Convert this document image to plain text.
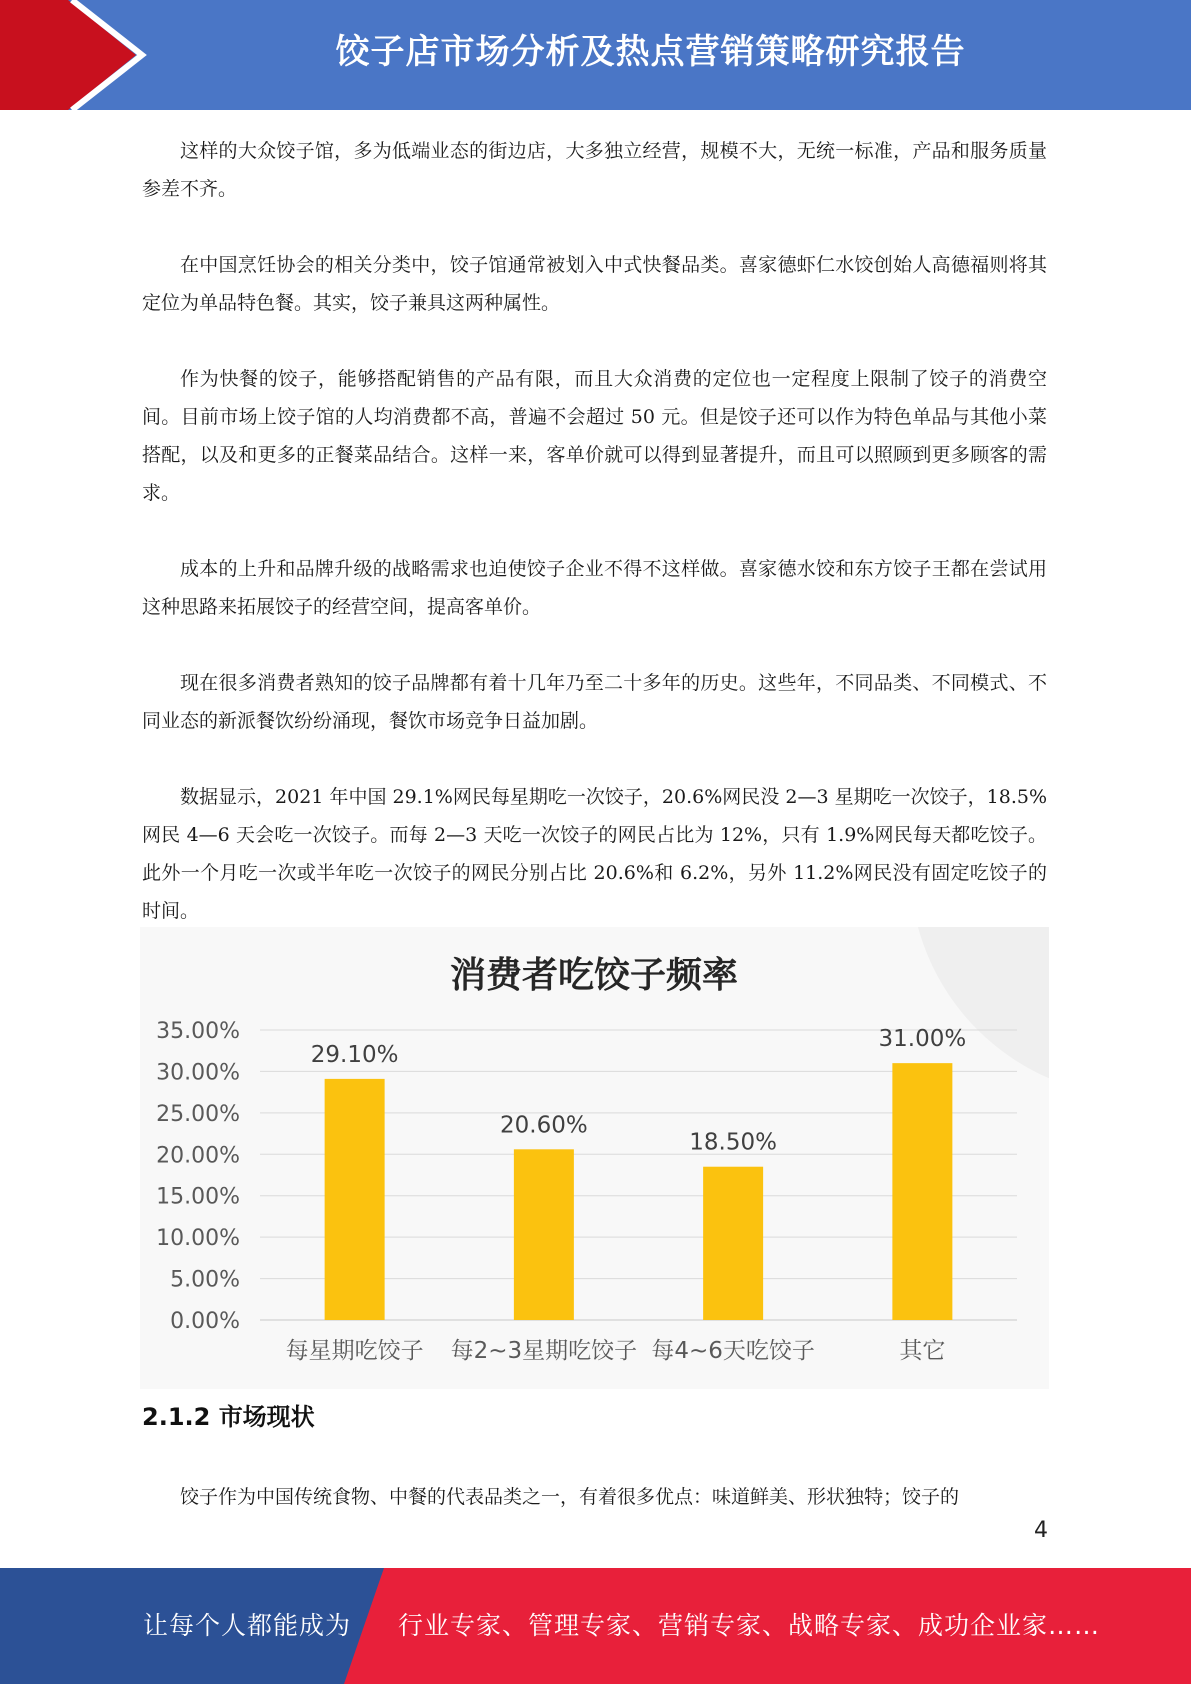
饺子店市场分析及热点营销策略研究报告

这样的大众饺子馆，多为低端业态的街边店，大多独立经营，规模不大，无统一标准，产品和服务质量参差不齐。

在中国烹饪协会的相关分类中，饺子馆通常被划入中式快餐品类。喜家德虾仁水饺创始人高德福则将其定位为单品特色餐。其实，饺子兼具这两种属性。

作为快餐的饺子，能够搭配销售的产品有限，而且大众消费的定位也一定程度上限制了饺子的消费空间。目前市场上饺子馆的人均消费都不高，普遍不会超过 50 元。但是饺子还可以作为特色单品与其他小菜搭配，以及和更多的正餐菜品结合。这样一来，客单价就可以得到显著提升，而且可以照顾到更多顾客的需求。

成本的上升和品牌升级的战略需求也迫使饺子企业不得不这样做。喜家德水饺和东方饺子王都在尝试用这种思路来拓展饺子的经营空间，提高客单价。

现在很多消费者熟知的饺子品牌都有着十几年乃至二十多年的历史。这些年，不同品类、不同模式、不同业态的新派餐饮纷纷涌现，餐饮市场竞争日益加剧。

数据显示，2021 年中国 29.1%网民每星期吃一次饺子，20.6%网民没 2—3 星期吃一次饺子，18.5%网民 4—6 天会吃一次饺子。而每 2—3 天吃一次饺子的网民占比为 12%，只有 1.9%网民每天都吃饺子。此外一个月吃一次或半年吃一次饺子的网民分别占比 20.6%和 6.2%，另外 11.2%网民没有固定吃饺子的时间。

消费者吃饺子频率
0.00%
5.00%
10.00%
15.00%
20.00%
25.00%
30.00%
35.00%
29.10%
每星期吃饺子
20.60%
每2~3星期吃饺子
18.50%
每4~6天吃饺子
31.00%
其它
2.1.2 市场现状
饺子作为中国传统食物、中餐的代表品类之一，有着很多优点：味道鲜美、形状独特；饺子的
4
让每个人都能成为 行业专家、管理专家、营销专家、战略专家、成功企业家……
